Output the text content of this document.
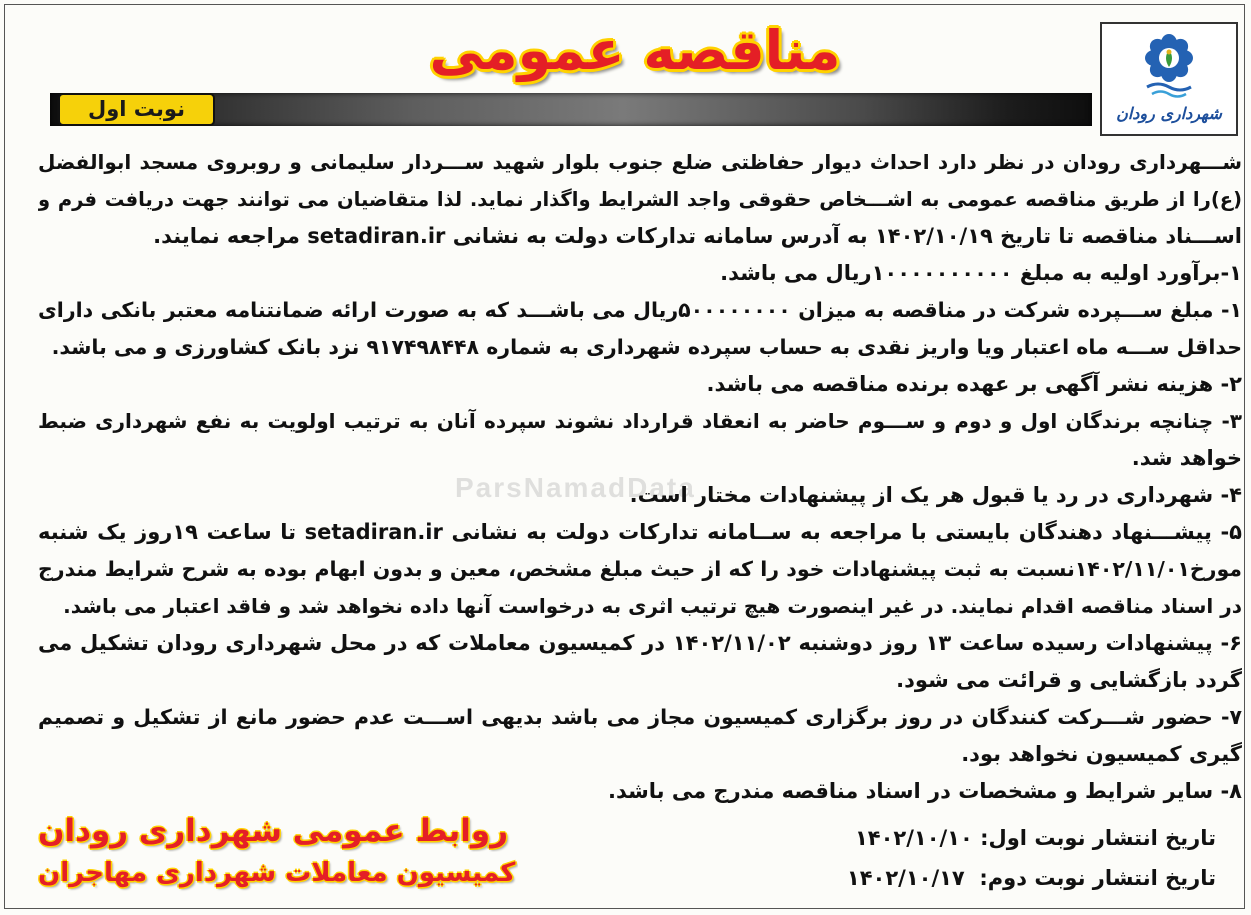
شهرداری رودان
مناقصه عمومی
نوبت اول
ParsNamadData
شـــهرداری رودان در نظر دارد احداث دیوار حفاظتی ضلع جنوب بلوار شهید ســـردار سلیمانی و روبروی مسجد ابوالفضل
(ع)را از طریق مناقصه عمومی به اشـــخاص حقوقی واجد الشرایط واگذار نماید. لذا متقاضیان می توانند جهت دریافت فرم و
اســـناد مناقصه تا تاریخ ۱۴۰۲/۱۰/۱۹ به آدرس سامانه تدارکات دولت به نشانی setadiran.ir مراجعه نمایند.
۱-برآورد اولیه به مبلغ ۱۰۰۰۰۰۰۰۰۰۰ریال می باشد.
۱- مبلغ ســـپرده شرکت در مناقصه به میزان ۵۰۰۰۰۰۰۰۰ریال می باشـــد که به صورت ارائه ضمانتنامه معتبر بانکی دارای
حداقل ســـه ماه اعتبار ویا واریز نقدی به حساب سپرده شهرداری به شماره ۹۱۷۴۹۸۴۴۸ نزد بانک کشاورزی و می باشد.
۲- هزینه نشر آگهی بر عهده برنده مناقصه می باشد.
۳- چنانچه برندگان اول و دوم و ســـوم حاضر به انعقاد قرارداد نشوند سپرده آنان به ترتیب اولویت به نفع شهرداری ضبط
خواهد شد.
۴- شهرداری در رد یا قبول هر یک از پیشنهادات مختار است.
۵- پیشـــنهاد دهندگان بایستی با مراجعه به ســامانه تدارکات دولت به نشانی setadiran.ir تا ساعت ۱۹روز یک شنبه
مورخ۱۴۰۲/۱۱/۰۱نسبت به ثبت پیشنهادات خود را که از حیث مبلغ مشخص، معین و بدون ابهام بوده به شرح شرایط مندرج
در اسناد مناقصه اقدام نمایند. در غیر اینصورت هیچ ترتیب اثری به درخواست آنها داده نخواهد شد و فاقد اعتبار می باشد.
۶- پیشنهادات رسیده ساعت ۱۳ روز دوشنبه ۱۴۰۲/۱۱/۰۲ در کمیسیون معاملات که در محل شهرداری رودان تشکیل می
گردد بازگشایی و قرائت می شود.
۷- حضور شـــرکت کنندگان در روز برگزاری کمیسیون مجاز می باشد بدیهی اســـت عدم حضور مانع از تشکیل و تصمیم
گیری کمیسیون نخواهد بود.
۸- سایر شرایط و مشخصات در اسناد مناقصه مندرج می باشد.
روابط عمومی شهرداری رودان
کمیسیون معاملات شهرداری مهاجران
تاریخ انتشار نوبت اول: ۱۴۰۲/۱۰/۱۰
تاریخ انتشار نوبت دوم:  ۱۴۰۲/۱۰/۱۷
